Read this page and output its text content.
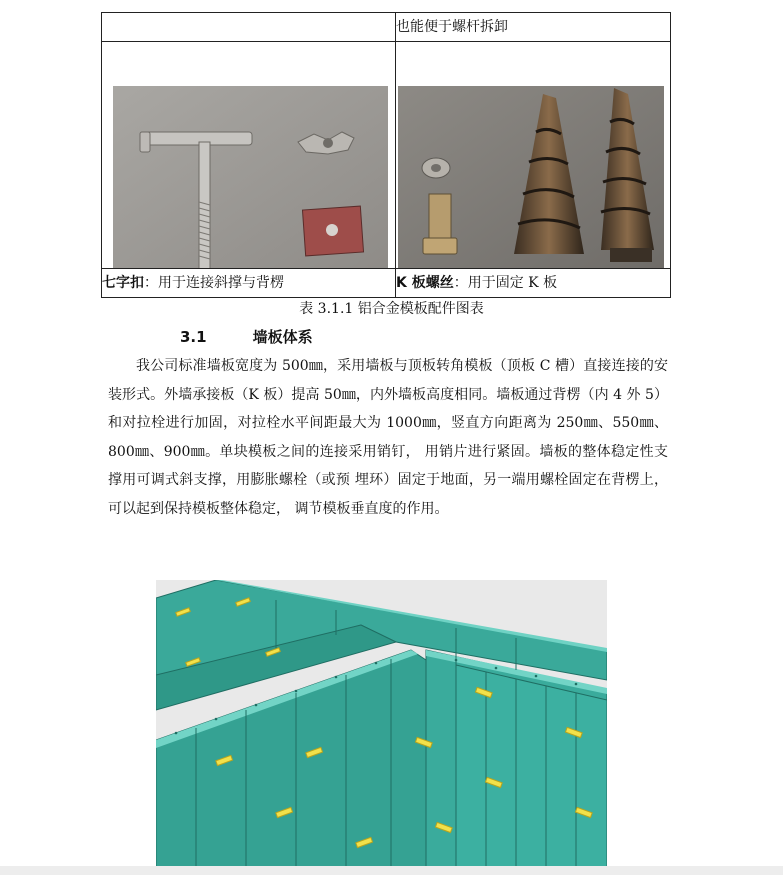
	也能便于螺杆拆卸

七字扣：用于连接斜撑与背楞	K 板螺丝：用于固定 K 板
表 3.1.1 铝合金模板配件图表
3.1	墙板体系

我公司标准墙板宽度为 500㎜，采用墙板与顶板转角模板（顶板 C 槽）直接连接的安装形式。外墙承接板（K 板）提高 50㎜，内外墙板高度相同。墙板通过背楞（内 4 外 5）和对拉栓进行加固，对拉栓水平间距最大为 1000㎜，竖直方向距离为 250㎜、550㎜、800㎜、900㎜。单块模板之间的连接采用销钉， 用销片进行紧固。墙板的整体稳定性支撑用可调式斜支撑，用膨胀螺栓（或预 埋环）固定于地面，另一端用螺栓固定在背楞上，可以起到保持模板整体稳定， 调节模板垂直度的作用。
